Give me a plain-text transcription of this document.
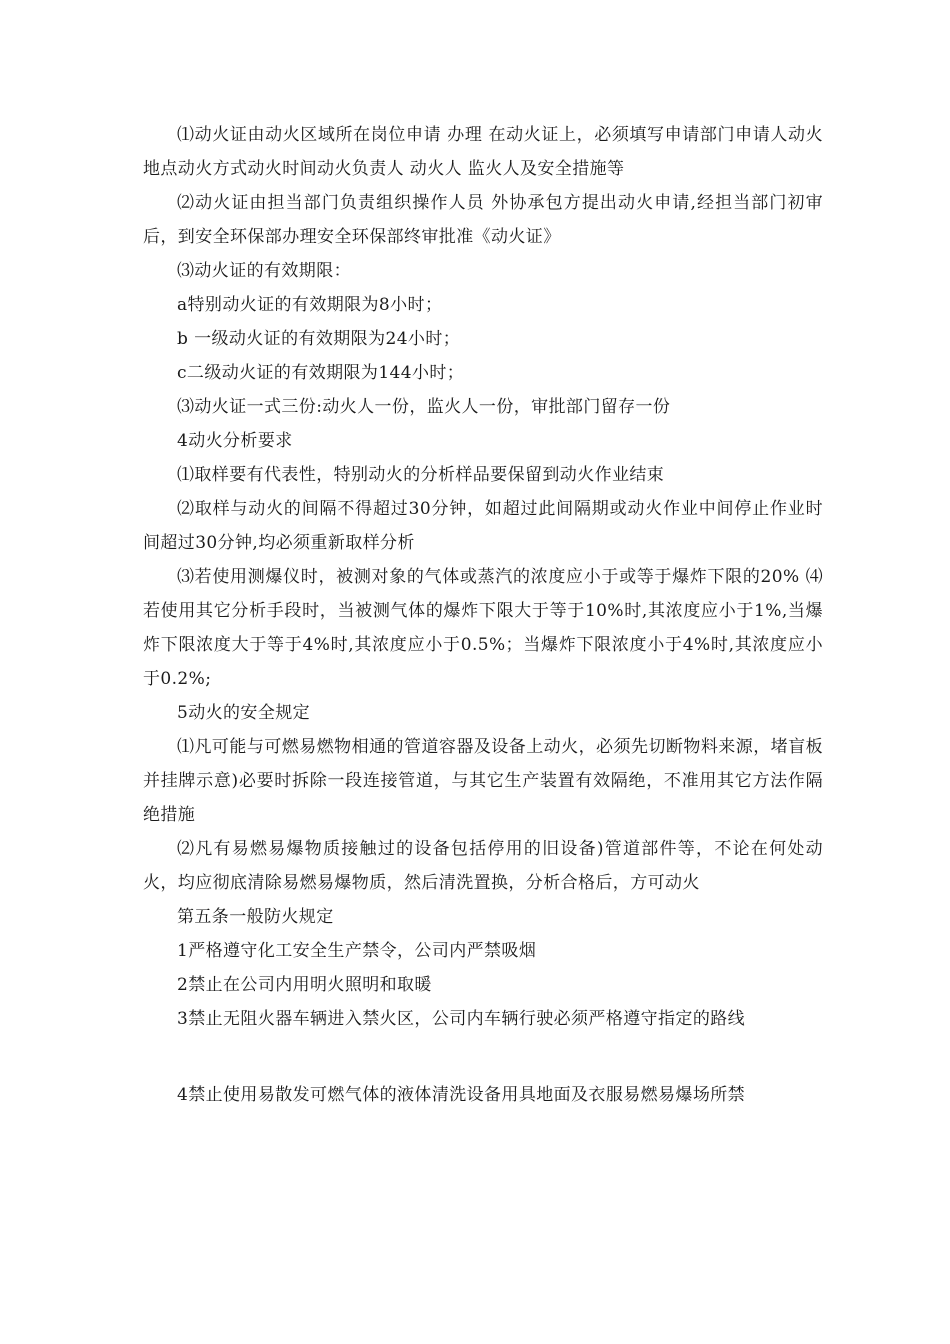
⑴动火证由动火区域所在岗位申请 办理 在动火证上，必须填写申请部门申请人动火地点动火方式动火时间动火负责人 动火人 监火人及安全措施等

⑵动火证由担当部门负责组织操作人员 外协承包方提出动火申请,经担当部门初审后，到安全环保部办理安全环保部终审批准《动火证》

⑶动火证的有效期限：

a特别动火证的有效期限为8小时；

b 一级动火证的有效期限为24小时；

c二级动火证的有效期限为144小时；

⑶动火证一式三份:动火人一份，监火人一份，审批部门留存一份

4动火分析要求

⑴取样要有代表性，特别动火的分析样品要保留到动火作业结束

⑵取样与动火的间隔不得超过30分钟，如超过此间隔期或动火作业中间停止作业时间超过30分钟,均必须重新取样分析

⑶若使用测爆仪时，被测对象的气体或蒸汽的浓度应小于或等于爆炸下限的20% ⑷若使用其它分析手段时，当被测气体的爆炸下限大于等于10%时,其浓度应小于1%,当爆炸下限浓度大于等于4%时,其浓度应小于0.5%；当爆炸下限浓度小于4%时,其浓度应小于0.2%;

5动火的安全规定

⑴凡可能与可燃易燃物相通的管道容器及设备上动火，必须先切断物料来源，堵盲板并挂牌示意)必要时拆除一段连接管道，与其它生产装置有效隔绝，不准用其它方法作隔绝措施

⑵凡有易燃易爆物质接触过的设备包括停用的旧设备)管道部件等，不论在何处动火，均应彻底清除易燃易爆物质，然后清洗置换，分析合格后，方可动火

第五条一般防火规定

1严格遵守化工安全生产禁令，公司内严禁吸烟

2禁止在公司内用明火照明和取暖

3禁止无阻火器车辆进入禁火区，公司内车辆行驶必须严格遵守指定的路线

4禁止使用易散发可燃气体的液体清洗设备用具地面及衣服易燃易爆场所禁
